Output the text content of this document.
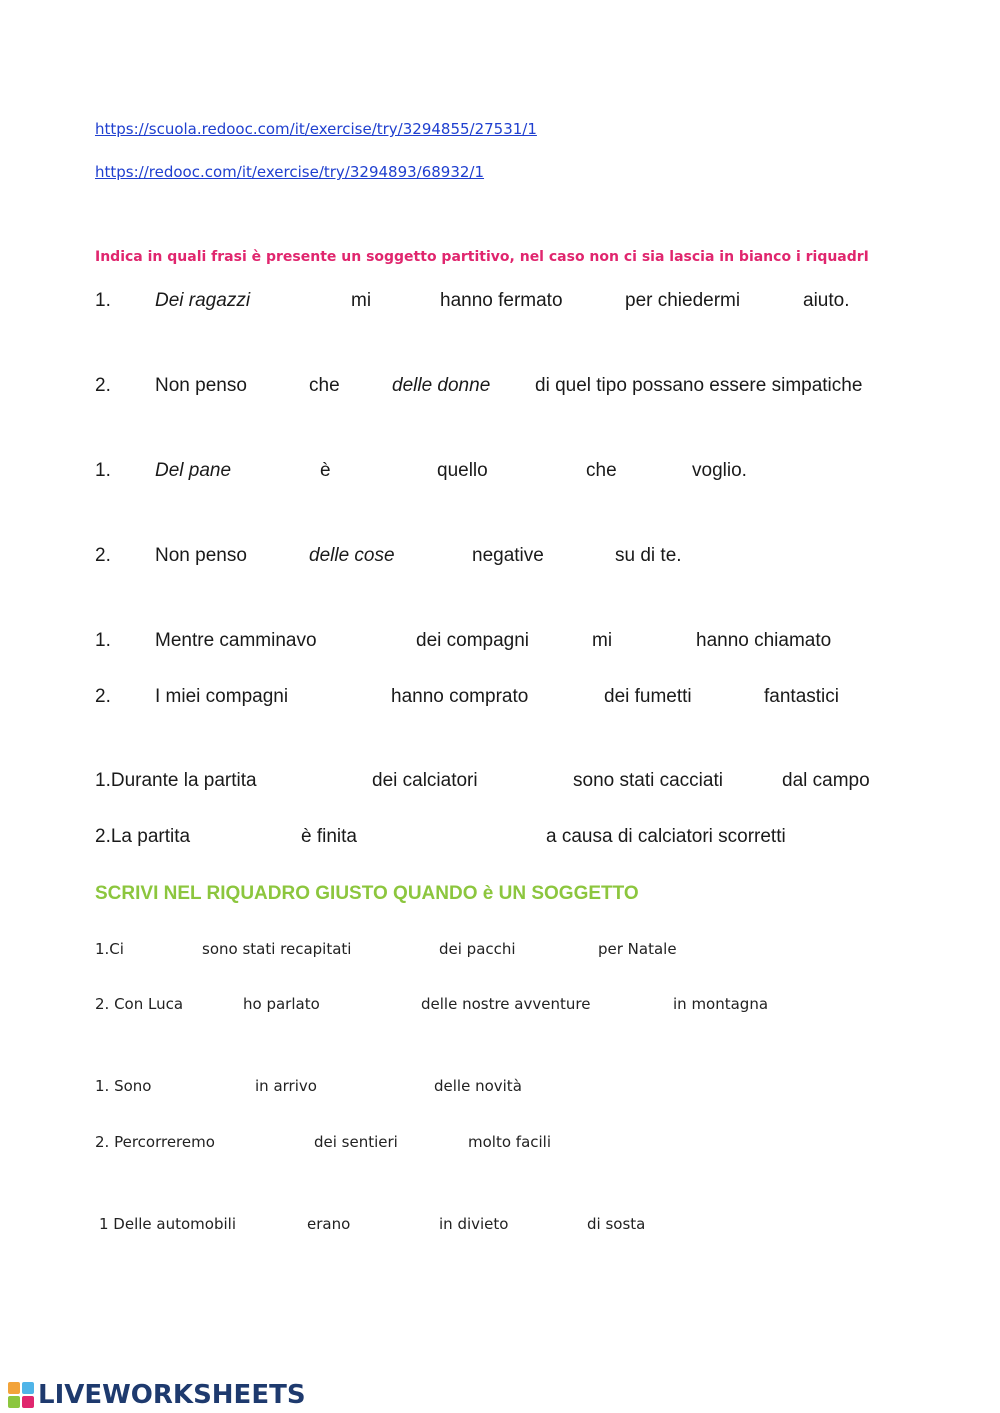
https://scuola.redooc.com/it/exercise/try/3294855/27531/1
https://redooc.com/it/exercise/try/3294893/68932/1
Indica in quali frasi è presente un soggetto partitivo, nel caso non ci sia lascia in bianco i riquadrI
1. Dei ragazzi	mi	hanno fermato	per chiedermi	aiuto.
2. Non penso	che	delle donne di quel tipo possano essere simpatiche
1. Del pane	è	quello	che	voglio.
2. Non penso	delle cose	negative	su di te.
1. Mentre camminavo	dei compagni	mi	hanno chiamato
2. I miei compagni	hanno comprato	dei fumetti	fantastici
1.Durante la partita	dei calciatori	sono stati cacciati	dal campo
2.La partita	è finita	a causa di calciatori scorretti
SCRIVI NEL RIQUADRO GIUSTO QUANDO è UN SOGGETTO
1.Ci	sono stati recapitati	dei pacchi	per Natale
2. Con Luca	ho parlato	delle nostre avventure	in montagna
1. Sono	in arrivo	delle novità
2. Percorreremo	dei sentieri	molto facili
1 Delle automobili	erano	in divieto	di sosta
LIVEWORKSHEETS
